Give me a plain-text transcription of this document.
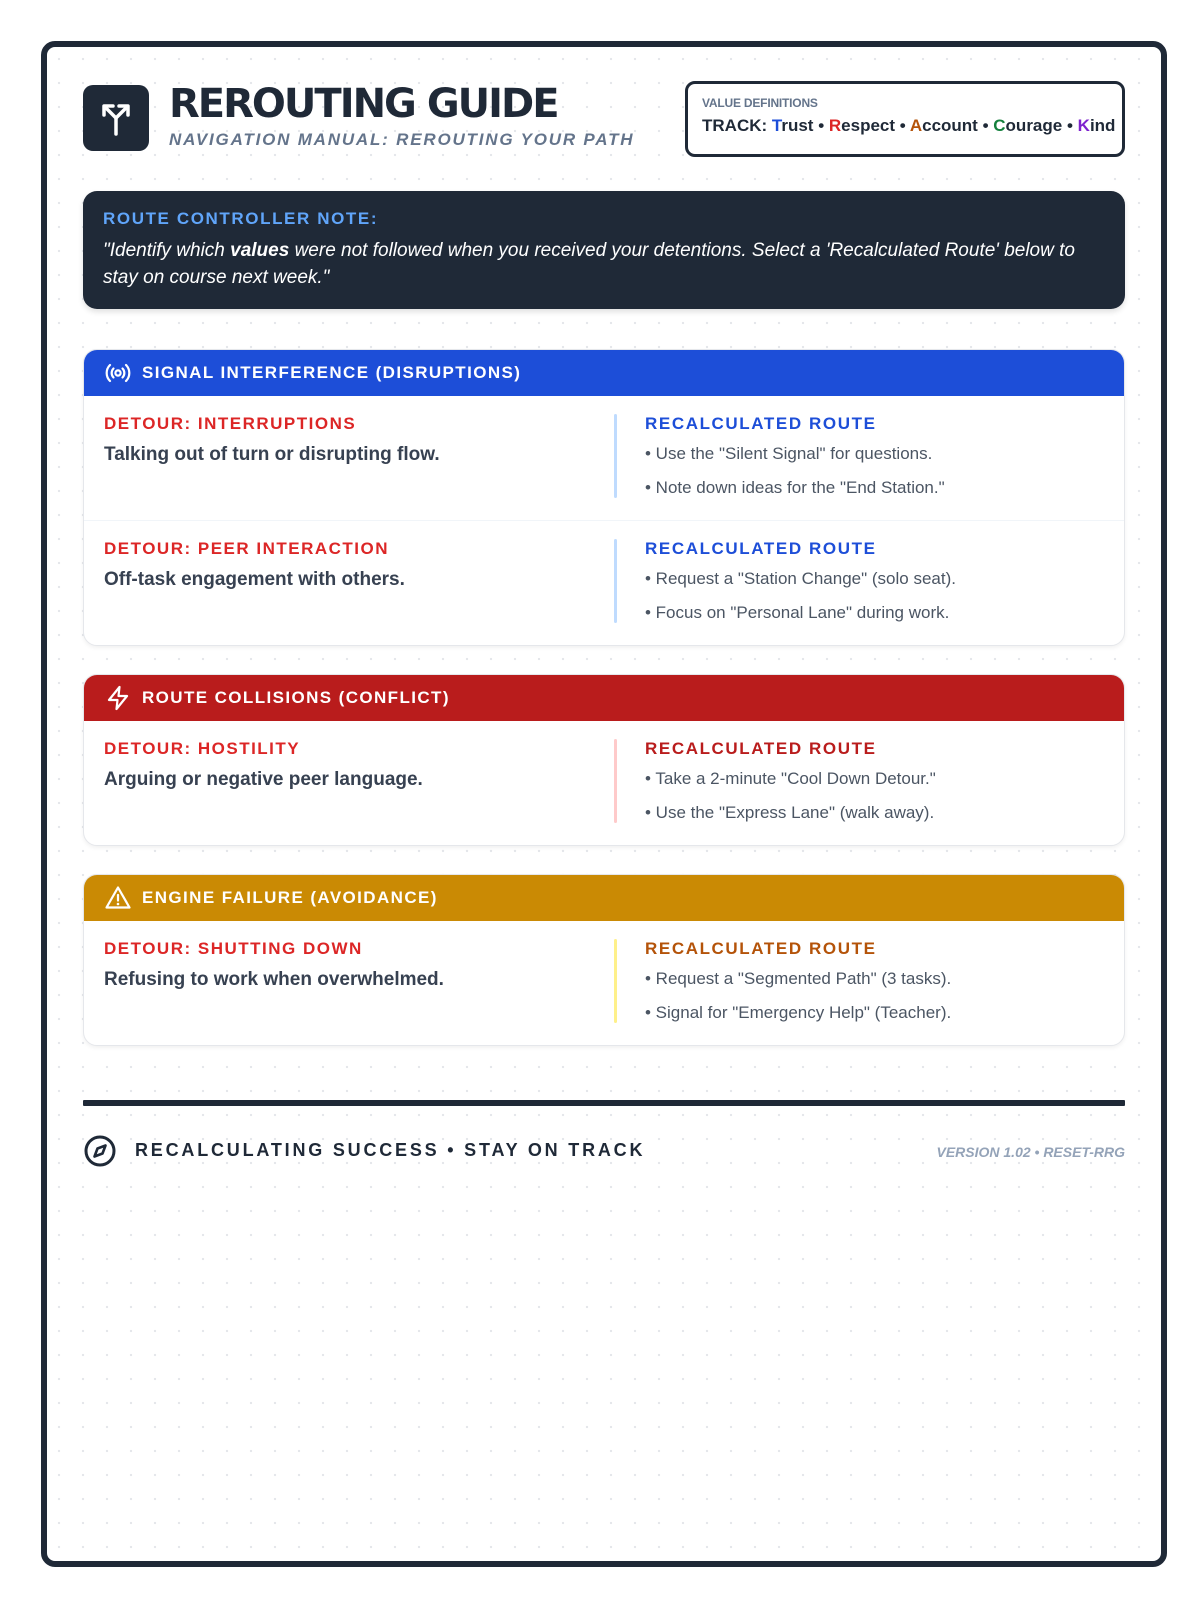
REROUTING GUIDE
NAVIGATION MANUAL: REROUTING YOUR PATH
VALUE DEFINITIONS
TRACK: Trust • Respect • Account • Courage • Kind
ROUTE CONTROLLER NOTE:
"Identify which values were not followed when you received your detentions. Select a 'Recalculated Route' below to stay on course next week."
SIGNAL INTERFERENCE (DISRUPTIONS)
DETOUR: INTERRUPTIONS
Talking out of turn or disrupting flow.
RECALCULATED ROUTE
• Use the "Silent Signal" for questions.
• Note down ideas for the "End Station."
DETOUR: PEER INTERACTION
Off-task engagement with others.
RECALCULATED ROUTE
• Request a "Station Change" (solo seat).
• Focus on "Personal Lane" during work.
ROUTE COLLISIONS (CONFLICT)
DETOUR: HOSTILITY
Arguing or negative peer language.
RECALCULATED ROUTE
• Take a 2-minute "Cool Down Detour."
• Use the "Express Lane" (walk away).
ENGINE FAILURE (AVOIDANCE)
DETOUR: SHUTTING DOWN
Refusing to work when overwhelmed.
RECALCULATED ROUTE
• Request a "Segmented Path" (3 tasks).
• Signal for "Emergency Help" (Teacher).
RECALCULATING SUCCESS • STAY ON TRACK	VERSION 1.02 • RESET-RRG
